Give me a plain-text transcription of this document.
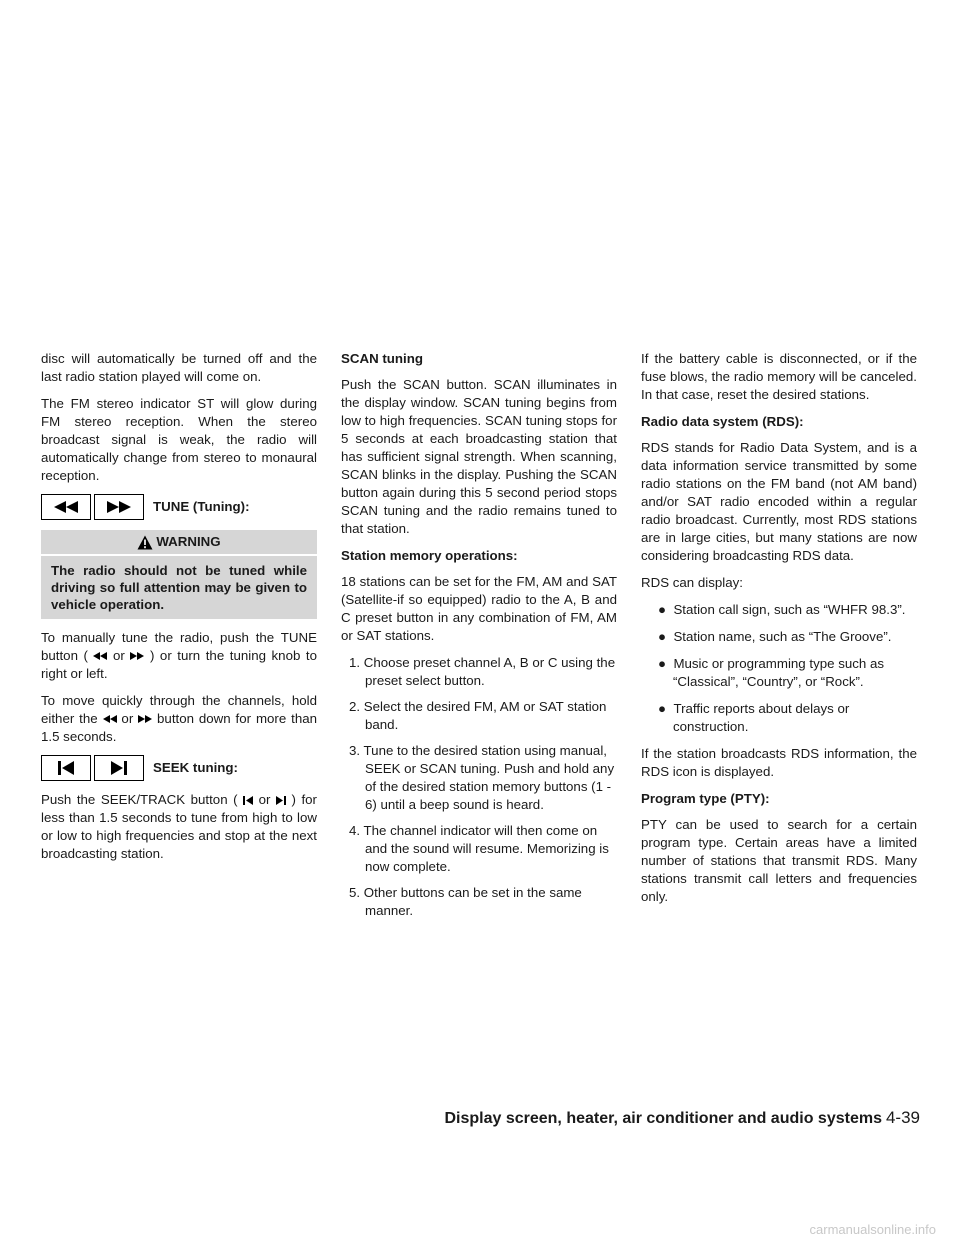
disc will automatically be turned off and the last radio station played will come on.

The FM stereo indicator ST will glow during FM stereo reception. When the stereo broadcast signal is weak, the radio will automatically change from stereo to monaural reception.

TUNE (Tuning):
WARNING
The radio should not be tuned while driving so full attention may be given to vehicle operation.

To manually tune the radio, push the TUNE button ( or ) or turn the tuning knob to right or left.

To move quickly through the channels, hold either the or button down for more than 1.5 seconds.

SEEK tuning:

Push the SEEK/TRACK button ( or ) for less than 1.5 seconds to tune from high to low or low to high frequencies and stop at the next broadcasting station.

SCAN tuning

Push the SCAN button. SCAN illuminates in the display window. SCAN tuning begins from low to high frequencies. SCAN tuning stops for 5 seconds at each broadcasting station that has sufficient signal strength. When scanning, SCAN blinks in the display. Pushing the SCAN button again during this 5 second period stops SCAN tuning and the radio remains tuned to that station.

Station memory operations:

18 stations can be set for the FM, AM and SAT (Satellite-if so equipped) radio to the A, B and C preset button in any combination of FM, AM or SAT stations.

1. Choose preset channel A, B or C using the preset select button.
2. Select the desired FM, AM or SAT station band.
3. Tune to the desired station using manual, SEEK or SCAN tuning. Push and hold any of the desired station memory buttons (1 - 6) until a beep sound is heard.
4. The channel indicator will then come on and the sound will resume. Memorizing is now complete.
5. Other buttons can be set in the same manner.

If the battery cable is disconnected, or if the fuse blows, the radio memory will be canceled. In that case, reset the desired stations.

Radio data system (RDS):

RDS stands for Radio Data System, and is a data information service transmitted by some radio stations on the FM band (not AM band) and/or SAT radio encoded within a regular radio broadcast. Currently, most RDS stations are in large cities, but many stations are now considering broadcasting RDS data.

RDS can display:

● Station call sign, such as “WHFR 98.3”.
● Station name, such as “The Groove”.
● Music or programming type such as “Classical”, “Country”, or “Rock”.
● Traffic reports about delays or construction.

If the station broadcasts RDS information, the RDS icon is displayed.

Program type (PTY):

PTY can be used to search for a certain program type. Certain areas have a limited number of stations that transmit RDS. Many stations transmit call letters and frequencies only.

Display screen, heater, air conditioner and audio systems 4-39
carmanualsonline.info
